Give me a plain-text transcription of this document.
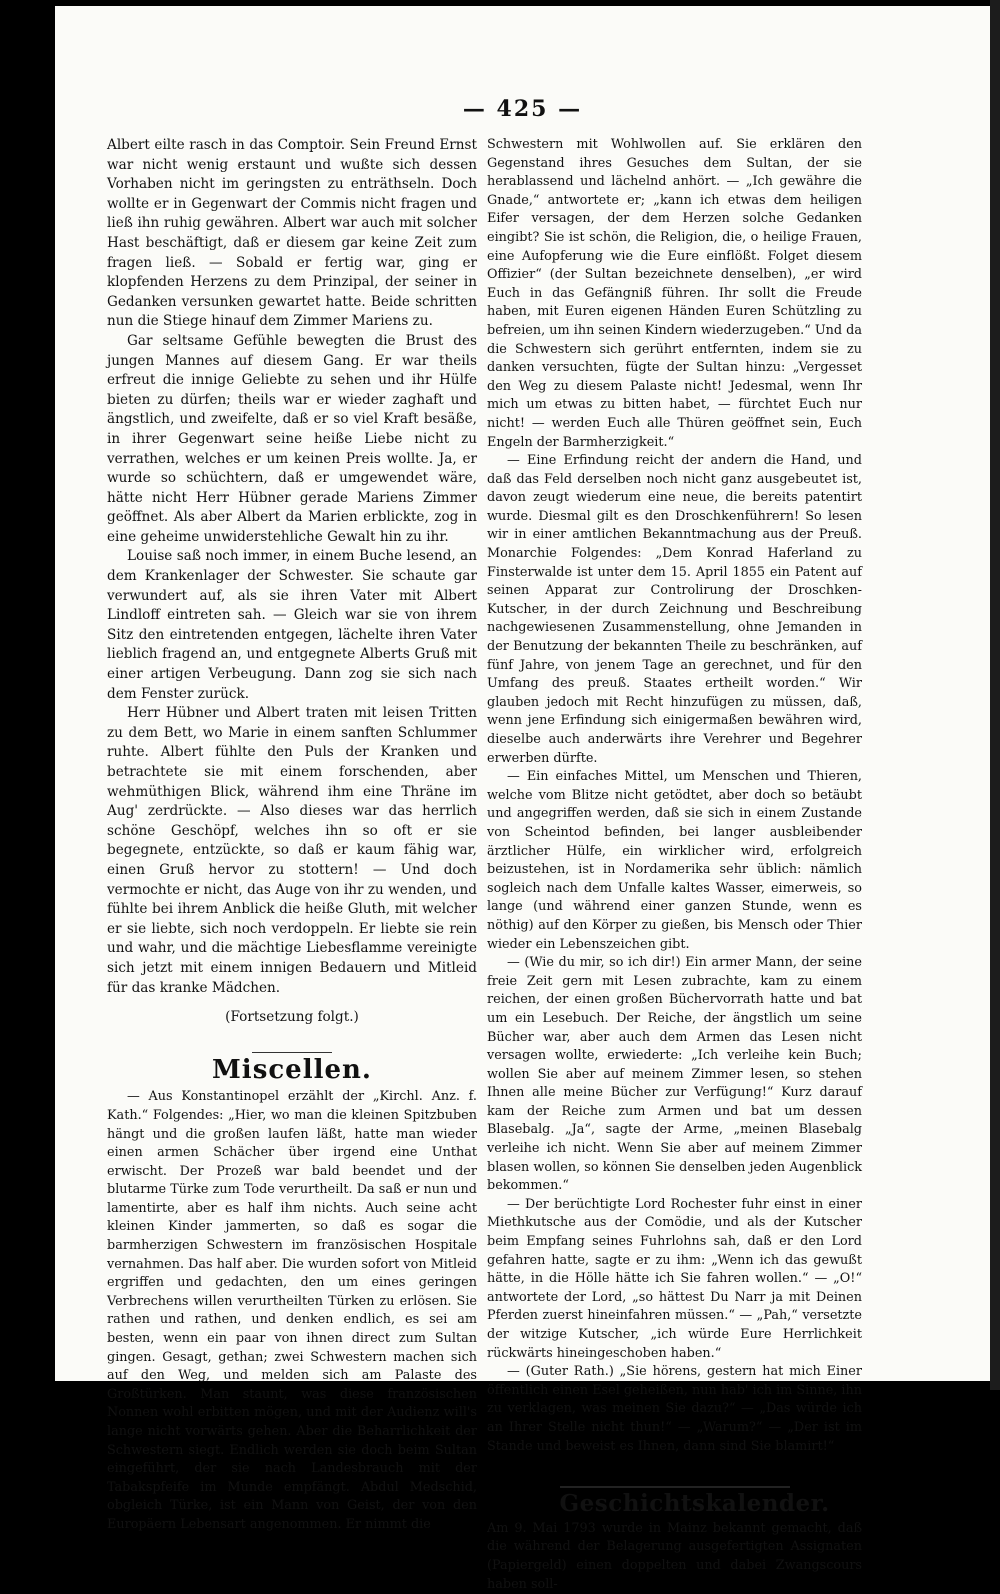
— 425 —

Albert eilte rasch in das Comptoir. Sein Freund Ernst war nicht wenig erstaunt und wußte sich dessen Vorhaben nicht im geringsten zu enträthseln. Doch wollte er in Gegenwart der Commis nicht fragen und ließ ihn ruhig gewähren. Albert war auch mit solcher Hast beschäftigt, daß er diesem gar keine Zeit zum fragen ließ. — Sobald er fertig war, ging er klopfenden Herzens zu dem Prinzipal, der seiner in Gedanken versunken gewartet hatte. Beide schritten nun die Stiege hinauf dem Zimmer Mariens zu.

Gar seltsame Gefühle bewegten die Brust des jungen Mannes auf diesem Gang. Er war theils erfreut die innige Geliebte zu sehen und ihr Hülfe bieten zu dürfen; theils war er wieder zaghaft und ängstlich, und zweifelte, daß er so viel Kraft besäße, in ihrer Gegenwart seine heiße Liebe nicht zu verrathen, welches er um keinen Preis wollte. Ja, er wurde so schüchtern, daß er umgewendet wäre, hätte nicht Herr Hübner gerade Mariens Zimmer geöffnet. Als aber Albert da Marien erblickte, zog in eine geheime unwiderstehliche Gewalt hin zu ihr.

Louise saß noch immer, in einem Buche lesend, an dem Krankenlager der Schwester. Sie schaute gar verwundert auf, als sie ihren Vater mit Albert Lindloff eintreten sah. — Gleich war sie von ihrem Sitz den eintretenden entgegen, lächelte ihren Vater lieblich fragend an, und entgegnete Alberts Gruß mit einer artigen Verbeugung. Dann zog sie sich nach dem Fenster zurück.

Herr Hübner und Albert traten mit leisen Tritten zu dem Bett, wo Marie in einem sanften Schlummer ruhte. Albert fühlte den Puls der Kranken und betrachtete sie mit einem forschenden, aber wehmüthigen Blick, während ihm eine Thräne im Aug' zerdrückte. — Also dieses war das herrlich schöne Geschöpf, welches ihn so oft er sie begegnete, entzückte, so daß er kaum fähig war, einen Gruß hervor zu stottern! — Und doch vermochte er nicht, das Auge von ihr zu wenden, und fühlte bei ihrem Anblick die heiße Gluth, mit welcher er sie liebte, sich noch verdoppeln. Er liebte sie rein und wahr, und die mächtige Liebesflamme vereinigte sich jetzt mit einem innigen Bedauern und Mitleid für das kranke Mädchen.

(Fortsetzung folgt.)

Miscellen.

— Aus Konstantinopel erzählt der „Kirchl. Anz. f. Kath.“ Folgendes: „Hier, wo man die kleinen Spitzbuben hängt und die großen laufen läßt, hatte man wieder einen armen Schächer über irgend eine Unthat erwischt. Der Prozeß war bald beendet und der blutarme Türke zum Tode verurtheilt. Da saß er nun und lamentirte, aber es half ihm nichts. Auch seine acht kleinen Kinder jammerten, so daß es sogar die barmherzigen Schwestern im französischen Hospitale vernahmen. Das half aber. Die wurden sofort von Mitleid ergriffen und gedachten, den um eines geringen Verbrechens willen verurtheilten Türken zu erlösen. Sie rathen und rathen, und denken endlich, es sei am besten, wenn ein paar von ihnen direct zum Sultan gingen. Gesagt, gethan; zwei Schwestern machen sich auf den Weg, und melden sich am Palaste des Großtürken. Man staunt, was diese französischen Nonnen wohl erbitten mögen, und mit der Audienz will's lange nicht vorwärts gehen. Aber die Beharrlichkeit der Schwestern siegt. Endlich werden sie doch beim Sultan eingeführt, der sie nach Landesbrauch mit der Tabakspfeife im Munde empfängt. Abdul Medschid, obgleich Türke, ist ein Mann von Geist, der von den Europäern Lebensart angenommen. Er nimmt die

Schwestern mit Wohlwollen auf. Sie erklären den Gegenstand ihres Gesuches dem Sultan, der sie herablassend und lächelnd anhört. — „Ich gewähre die Gnade,“ antwortete er; „kann ich etwas dem heiligen Eifer versagen, der dem Herzen solche Gedanken eingibt? Sie ist schön, die Religion, die, o heilige Frauen, eine Aufopferung wie die Eure einflößt. Folget diesem Offizier“ (der Sultan bezeichnete denselben), „er wird Euch in das Gefängniß führen. Ihr sollt die Freude haben, mit Euren eigenen Händen Euren Schützling zu befreien, um ihn seinen Kindern wiederzugeben.“ Und da die Schwestern sich gerührt entfernten, indem sie zu danken versuchten, fügte der Sultan hinzu: „Vergesset den Weg zu diesem Palaste nicht! Jedesmal, wenn Ihr mich um etwas zu bitten habet, — fürchtet Euch nur nicht! — werden Euch alle Thüren geöffnet sein, Euch Engeln der Barmherzigkeit.“

— Eine Erfindung reicht der andern die Hand, und daß das Feld derselben noch nicht ganz ausgebeutet ist, davon zeugt wiederum eine neue, die bereits patentirt wurde. Diesmal gilt es den Droschkenführern! So lesen wir in einer amtlichen Bekanntmachung aus der Preuß. Monarchie Folgendes: „Dem Konrad Haferland zu Finsterwalde ist unter dem 15. April 1855 ein Patent auf seinen Apparat zur Controlirung der Droschken-Kutscher, in der durch Zeichnung und Beschreibung nachgewiesenen Zusammenstellung, ohne Jemanden in der Benutzung der bekannten Theile zu beschränken, auf fünf Jahre, von jenem Tage an gerechnet, und für den Umfang des preuß. Staates ertheilt worden.“ Wir glauben jedoch mit Recht hinzufügen zu müssen, daß, wenn jene Erfindung sich einigermaßen bewähren wird, dieselbe auch anderwärts ihre Verehrer und Begehrer erwerben dürfte.

— Ein einfaches Mittel, um Menschen und Thieren, welche vom Blitze nicht getödtet, aber doch so betäubt und angegriffen werden, daß sie sich in einem Zustande von Scheintod befinden, bei langer ausbleibender ärztlicher Hülfe, ein wirklicher wird, erfolgreich beizustehen, ist in Nordamerika sehr üblich: nämlich sogleich nach dem Unfalle kaltes Wasser, eimerweis, so lange (und während einer ganzen Stunde, wenn es nöthig) auf den Körper zu gießen, bis Mensch oder Thier wieder ein Lebenszeichen gibt.

— (Wie du mir, so ich dir!) Ein armer Mann, der seine freie Zeit gern mit Lesen zubrachte, kam zu einem reichen, der einen großen Büchervorrath hatte und bat um ein Lesebuch. Der Reiche, der ängstlich um seine Bücher war, aber auch dem Armen das Lesen nicht versagen wollte, erwiederte: „Ich verleihe kein Buch; wollen Sie aber auf meinem Zimmer lesen, so stehen Ihnen alle meine Bücher zur Verfügung!“ Kurz darauf kam der Reiche zum Armen und bat um dessen Blasebalg. „Ja“, sagte der Arme, „meinen Blasebalg verleihe ich nicht. Wenn Sie aber auf meinem Zimmer blasen wollen, so können Sie denselben jeden Augenblick bekommen.“

— Der berüchtigte Lord Rochester fuhr einst in einer Miethkutsche aus der Comödie, und als der Kutscher beim Empfang seines Fuhrlohns sah, daß er den Lord gefahren hatte, sagte er zu ihm: „Wenn ich das gewußt hätte, in die Hölle hätte ich Sie fahren wollen.“ — „O!“ antwortete der Lord, „so hättest Du Narr ja mit Deinen Pferden zuerst hineinfahren müssen.“ — „Pah,“ versetzte der witzige Kutscher, „ich würde Eure Herrlichkeit rückwärts hineingeschoben haben.“

— (Guter Rath.) „Sie hörens, gestern hat mich Einer öffentlich einen Esel geheißen, nun hab' ich im Sinne, ihn zu verklagen, was meinen Sie dazu?“ — „Das würde ich an Ihrer Stelle nicht thun!“ — „Warum?“ — „Der ist im Stande und beweist es Ihnen, dann sind Sie blamirt!“

Geschichtskalender.

Am 9. Mai 1793 wurde in Mainz bekannt gemacht, daß die während der Belagerung ausgefertigten Assignaten (Papiergeld) einen doppelten und dabei Zwangscours haben soll-
